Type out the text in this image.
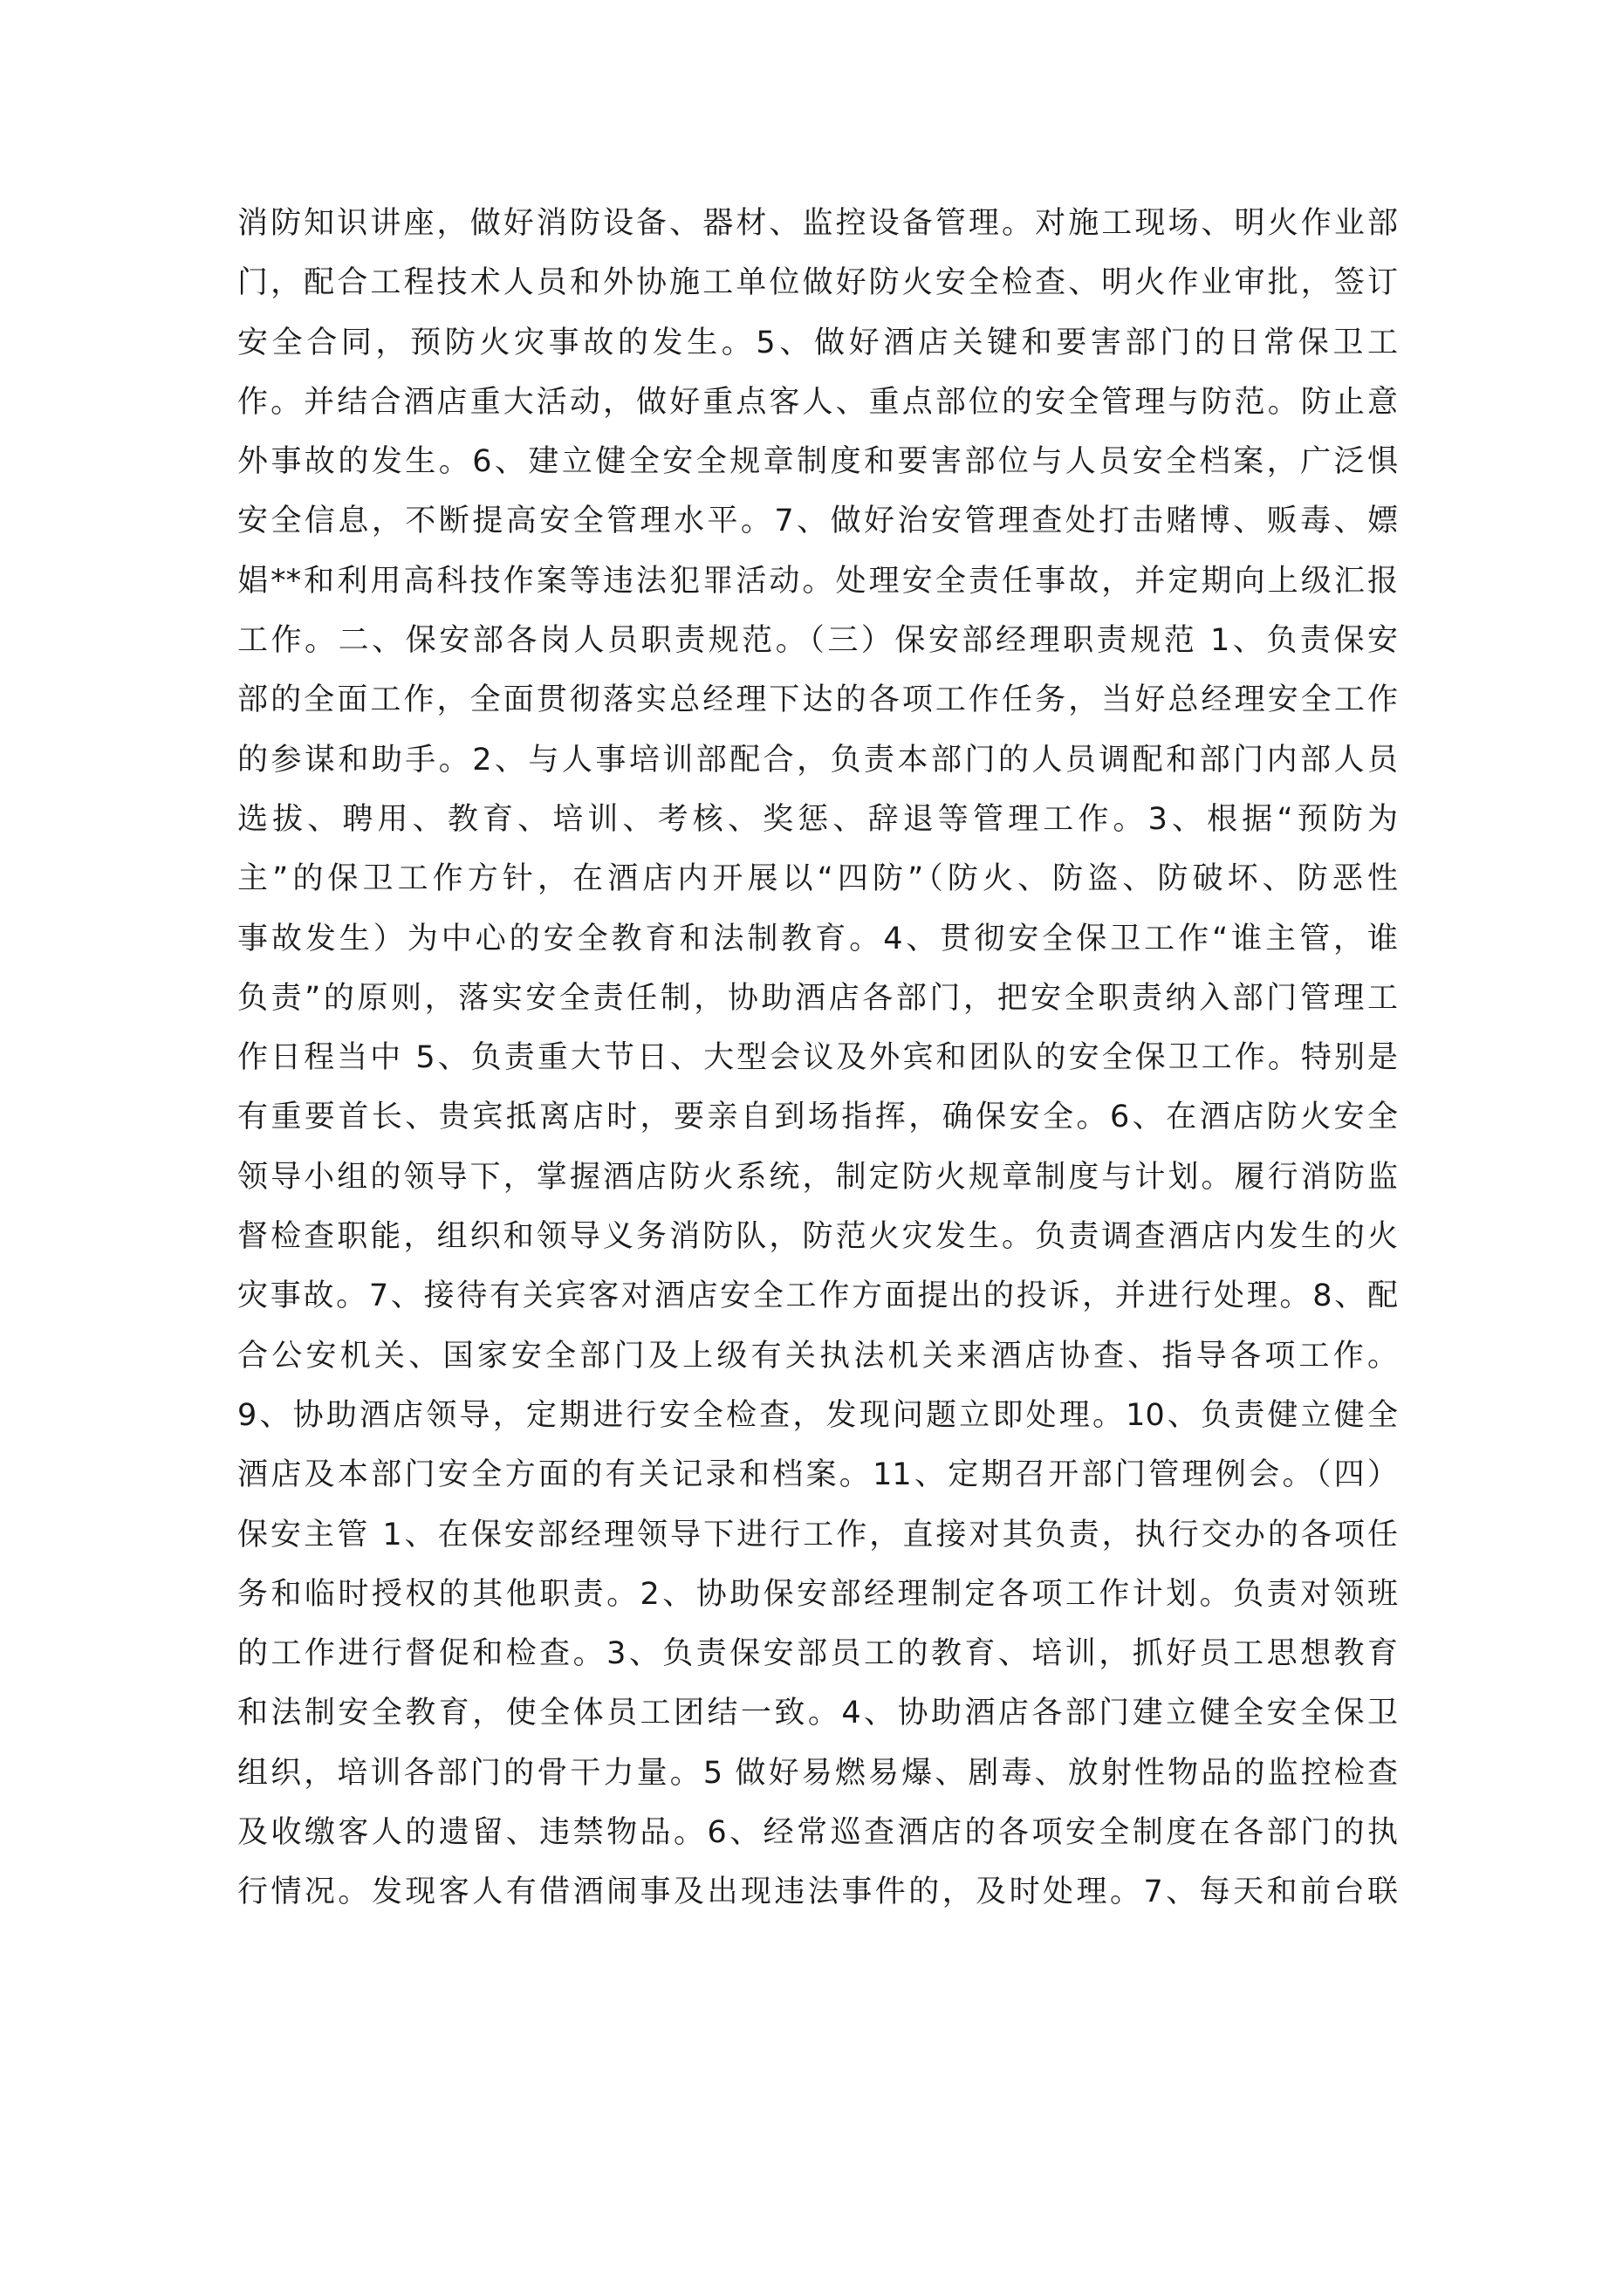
消防知识讲座，做好消防设备、器材、监控设备管理。对施工现场、明火作业部
门，配合工程技术人员和外协施工单位做好防火安全检查、明火作业审批，签订
安全合同，预防火灾事故的发生。5、做好酒店关键和要害部门的日常保卫工
作。并结合酒店重大活动，做好重点客人、重点部位的安全管理与防范。防止意
外事故的发生。6、建立健全安全规章制度和要害部位与人员安全档案，广泛惧
安全信息，不断提高安全管理水平。7、做好治安管理查处打击赌博、贩毒、嫖
娼**和利用高科技作案等违法犯罪活动。处理安全责任事故，并定期向上级汇报
工作。二、保安部各岗人员职责规范。（三）保安部经理职责规范 1、负责保安
部的全面工作，全面贯彻落实总经理下达的各项工作任务，当好总经理安全工作
的参谋和助手。2、与人事培训部配合，负责本部门的人员调配和部门内部人员
选拔、聘用、教育、培训、考核、奖惩、辞退等管理工作。3、根据“预防为
主”的保卫工作方针，在酒店内开展以“四防”（防火、防盗、防破坏、防恶性
事故发生）为中心的安全教育和法制教育。4、贯彻安全保卫工作“谁主管，谁
负责”的原则，落实安全责任制，协助酒店各部门，把安全职责纳入部门管理工
作日程当中 5、负责重大节日、大型会议及外宾和团队的安全保卫工作。特别是
有重要首长、贵宾抵离店时，要亲自到场指挥，确保安全。6、在酒店防火安全
领导小组的领导下，掌握酒店防火系统，制定防火规章制度与计划。履行消防监
督检查职能，组织和领导义务消防队，防范火灾发生。负责调查酒店内发生的火
灾事故。7、接待有关宾客对酒店安全工作方面提出的投诉，并进行处理。8、配
合公安机关、国家安全部门及上级有关执法机关来酒店协查、指导各项工作。
9、协助酒店领导，定期进行安全检查，发现问题立即处理。10、负责健立健全
酒店及本部门安全方面的有关记录和档案。11、定期召开部门管理例会。（四）
保安主管 1、在保安部经理领导下进行工作，直接对其负责，执行交办的各项任
务和临时授权的其他职责。2、协助保安部经理制定各项工作计划。负责对领班
的工作进行督促和检查。3、负责保安部员工的教育、培训，抓好员工思想教育
和法制安全教育，使全体员工团结一致。4、协助酒店各部门建立健全安全保卫
组织，培训各部门的骨干力量。5 做好易燃易爆、剧毒、放射性物品的监控检查
及收缴客人的遗留、违禁物品。6、经常巡查酒店的各项安全制度在各部门的执
行情况。发现客人有借酒闹事及出现违法事件的，及时处理。7、每天和前台联
